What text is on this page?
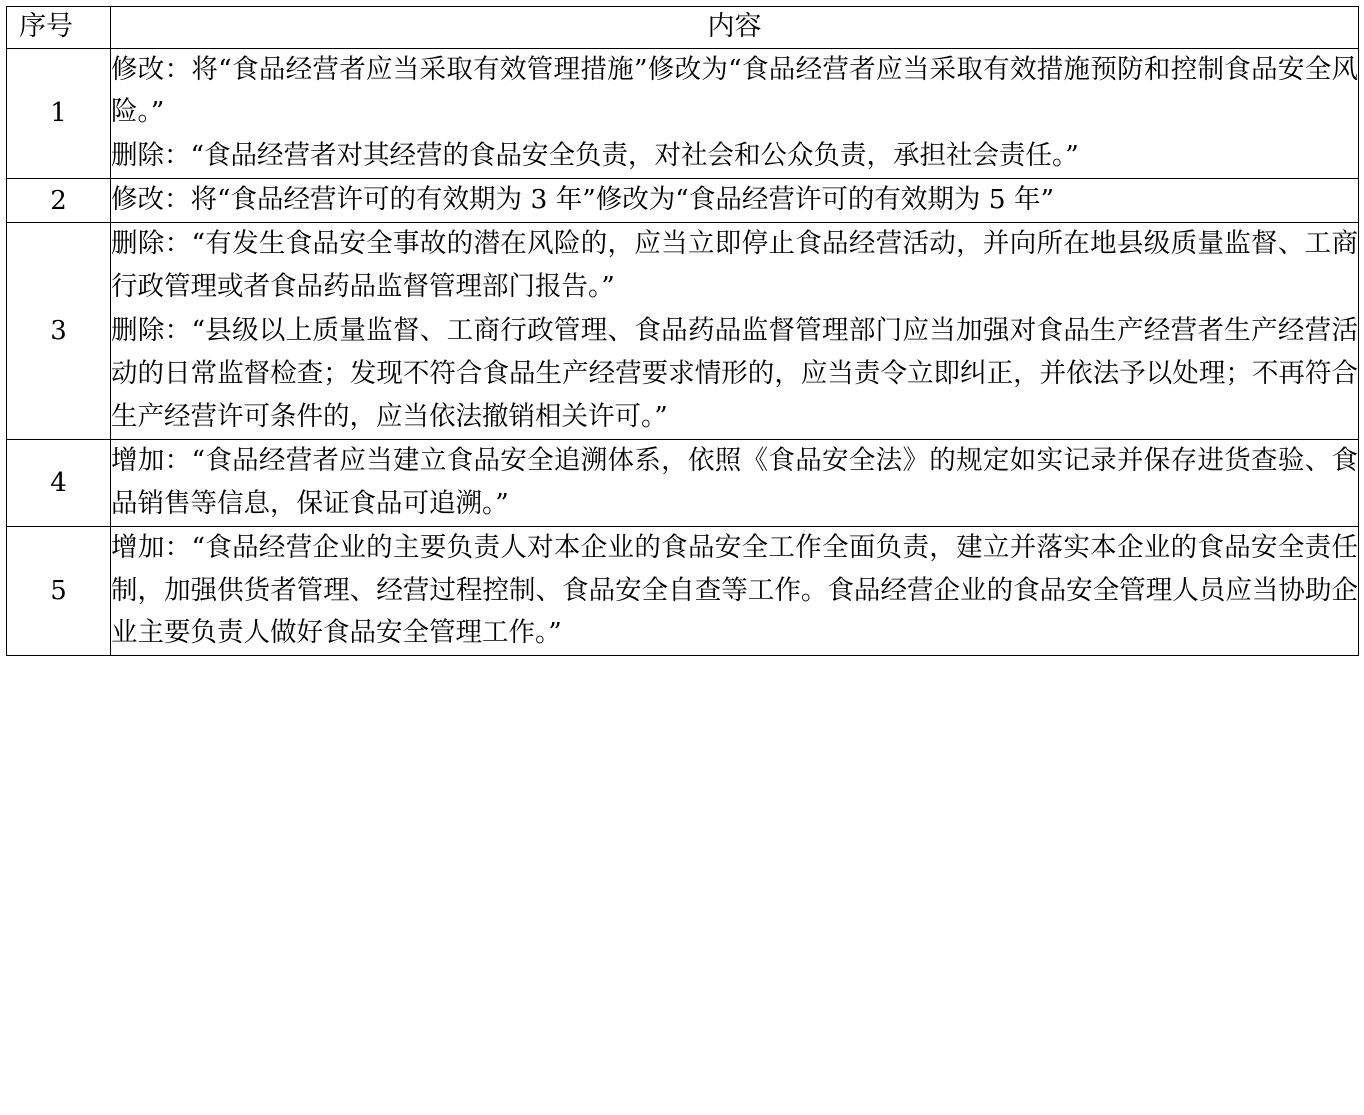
序号	内容
1	修改：将“食品经营者应当采取有效管理措施”修改为“食品经营者应当采取有效措施预防和控制食品安全风险。”

删除：“食品经营者对其经营的食品安全负责，对社会和公众负责，承担社会责任。”

2	修改：将“食品经营许可的有效期为 3 年”修改为“食品经营许可的有效期为 5 年”

3	删除：“有发生食品安全事故的潜在风险的，应当立即停止食品经营活动，并向所在地县级质量监督、工商行政管理或者食品药品监督管理部门报告。”

删除：“县级以上质量监督、工商行政管理、食品药品监督管理部门应当加强对食品生产经营者生产经营活动的日常监督检查；发现不符合食品生产经营要求情形的，应当责令立即纠正，并依法予以处理；不再符合生产经营许可条件的，应当依法撤销相关许可。”

4	增加：“食品经营者应当建立食品安全追溯体系，依照《食品安全法》的规定如实记录并保存进货查验、食品销售等信息，保证食品可追溯。”

5	增加：“食品经营企业的主要负责人对本企业的食品安全工作全面负责，建立并落实本企业的食品安全责任制，加强供货者管理、经营过程控制、食品安全自查等工作。食品经营企业的食品安全管理人员应当协助企业主要负责人做好食品安全管理工作。”
